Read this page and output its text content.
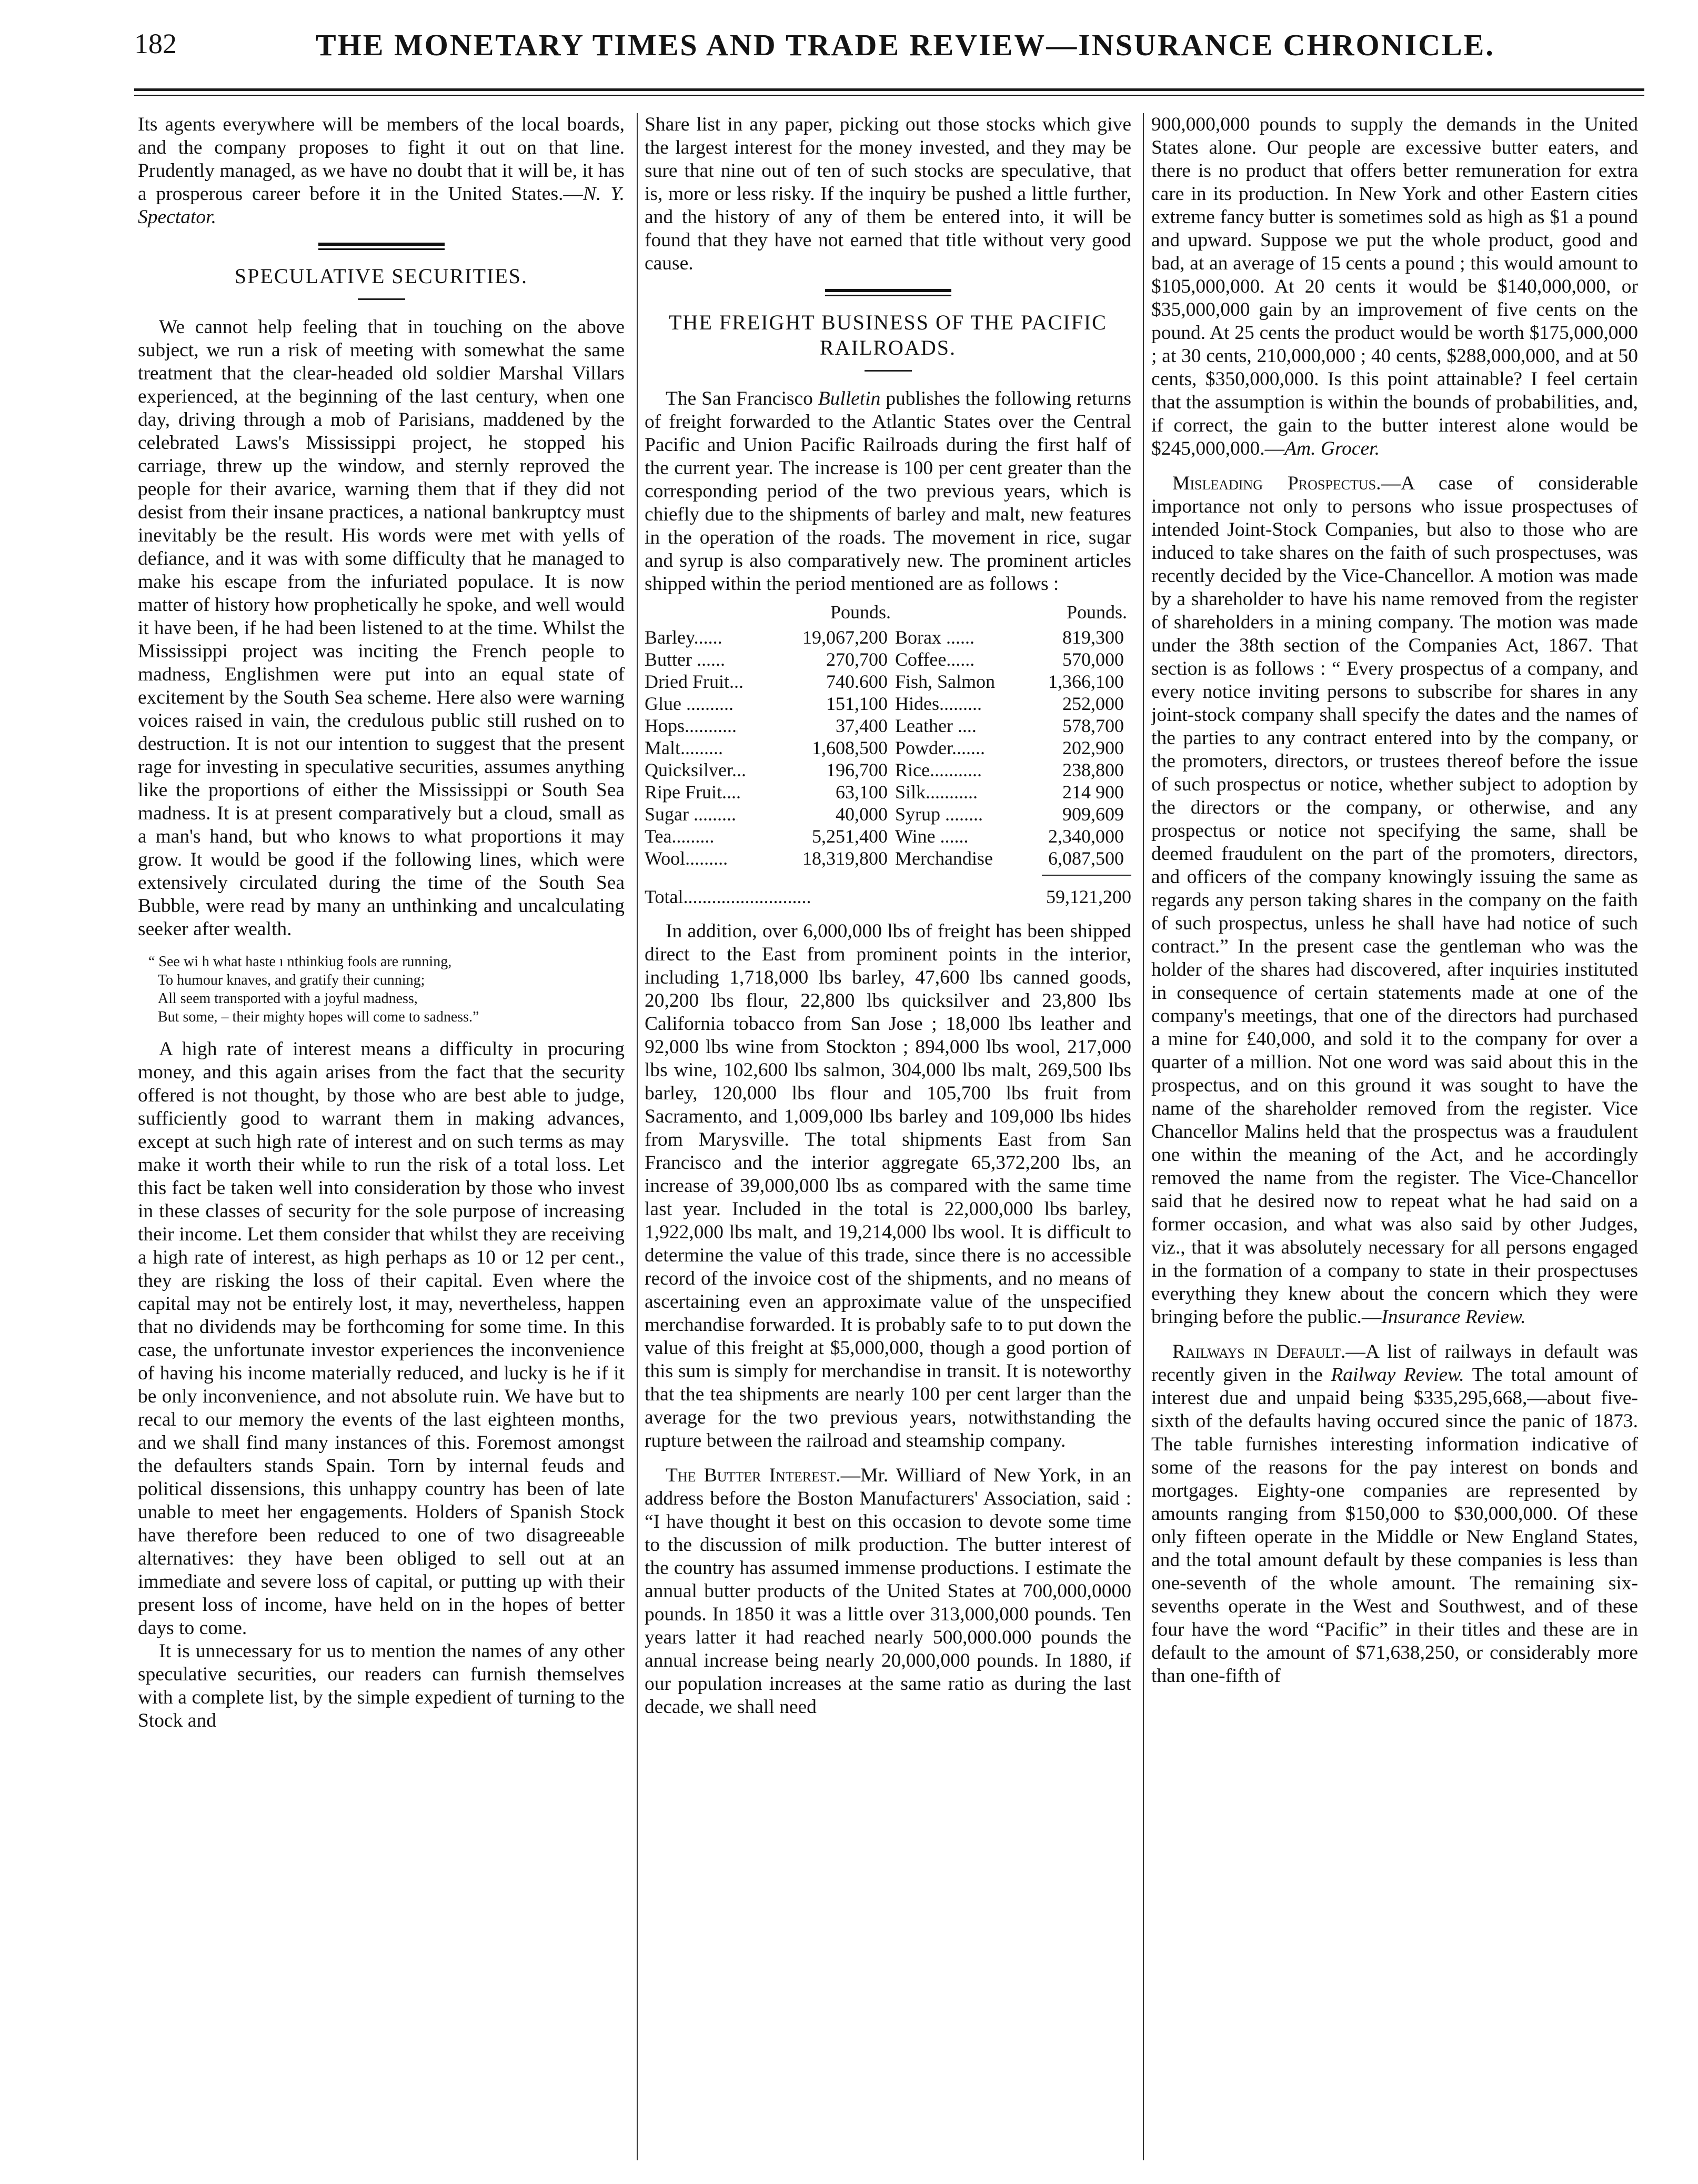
182	THE MONETARY TIMES AND TRADE REVIEW—INSURANCE CHRONICLE.

Its agents everywhere will be members of the local boards, and the company proposes to fight it out on that line. Prudently managed, as we have no doubt that it will be, it has a prosperous career before it in the United States.—N. Y. Spectator.

SPECULATIVE SECURITIES.

We cannot help feeling that in touching on the above subject, we run a risk of meeting with somewhat the same treatment that the clear-headed old soldier Marshal Villars experienced, at the beginning of the last century, when one day, driving through a mob of Parisians, maddened by the celebrated Laws's Mississippi project, he stopped his carriage, threw up the window, and sternly reproved the people for their avarice, warning them that if they did not desist from their insane practices, a national bankruptcy must inevitably be the result. His words were met with yells of defiance, and it was with some difficulty that he managed to make his escape from the infuriated populace. It is now matter of history how prophetically he spoke, and well would it have been, if he had been listened to at the time. Whilst the Mississippi project was inciting the French people to madness, Englishmen were put into an equal state of excitement by the South Sea scheme. Here also were warning voices raised in vain, the credulous public still rushed on to destruction. It is not our intention to suggest that the present rage for investing in speculative securities, assumes anything like the proportions of either the Mississippi or South Sea madness. It is at present comparatively but a cloud, small as a man's hand, but who knows to what proportions it may grow. It would be good if the following lines, which were extensively circulated during the time of the South Sea Bubble, were read by many an unthinking and uncalculating seeker after wealth.

“ See wi h what haste ı nthinkiug fools are running,
To humour knaves, and gratify their cunning;
All seem transported with a joyful madness,
But some, – their mighty hopes will come to sadness.”

A high rate of interest means a difficulty in procuring money, and this again arises from the fact that the security offered is not thought, by those who are best able to judge, sufficiently good to warrant them in making advances, except at such high rate of interest and on such terms as may make it worth their while to run the risk of a total loss. Let this fact be taken well into consideration by those who invest in these classes of security for the sole purpose of increasing their income. Let them consider that whilst they are receiving a high rate of interest, as high perhaps as 10 or 12 per cent., they are risking the loss of their capital. Even where the capital may not be entirely lost, it may, nevertheless, happen that no dividends may be forthcoming for some time. In this case, the unfortunate investor experiences the inconvenience of having his income materially reduced, and lucky is he if it be only inconvenience, and not absolute ruin. We have but to recal to our memory the events of the last eighteen months, and we shall find many instances of this. Foremost amongst the defaulters stands Spain. Torn by internal feuds and political dissensions, this unhappy country has been of late unable to meet her engagements. Holders of Spanish Stock have therefore been reduced to one of two disagreeable alternatives: they have been obliged to sell out at an immediate and severe loss of capital, or putting up with their present loss of income, have held on in the hopes of better days to come.

It is unnecessary for us to mention the names of any other speculative securities, our readers can furnish themselves with a complete list, by the simple expedient of turning to the Stock and

Share list in any paper, picking out those stocks which give the largest interest for the money invested, and they may be sure that nine out of ten of such stocks are speculative, that is, more or less risky. If the inquiry be pushed a little further, and the history of any of them be entered into, it will be found that they have not earned that title without very good cause.

THE FREIGHT BUSINESS OF THE PACIFIC RAILROADS.

The San Francisco Bulletin publishes the following returns of freight forwarded to the Atlantic States over the Central Pacific and Union Pacific Railroads during the first half of the current year. The increase is 100 per cent greater than the corresponding period of the two previous years, which is chiefly due to the shipments of barley and malt, new features in the operation of the roads. The movement in rice, sugar and syrup is also comparatively new. The prominent articles shipped within the period mentioned are as follows :

	Pounds.		Pounds.
Barley......	19,067,200	Borax ......	819,300
Butter ......	270,700	Coffee......	570,000
Dried Fruit...	740.600	Fish, Salmon	1,366,100
Glue ..........	151,100	Hides.........	252,000
Hops...........	37,400	Leather ....	578,700
Malt.........	1,608,500	Powder.......	202,900
Quicksilver...	196,700	Rice...........	238,800
Ripe Fruit....	63,100	Silk...........	214 900
Sugar .........	40,000	Syrup ........	909,609
Tea.........	5,251,400	Wine ......	2,340,000
Wool.........	18,319,800	Merchandise	6,087,500
Total...........................	59,121,200

In addition, over 6,000,000 lbs of freight has been shipped direct to the East from prominent points in the interior, including 1,718,000 lbs barley, 47,600 lbs canned goods, 20,200 lbs flour, 22,800 lbs quicksilver and 23,800 lbs California tobacco from San Jose ; 18,000 lbs leather and 92,000 lbs wine from Stockton ; 894,000 lbs wool, 217,000 lbs wine, 102,600 lbs salmon, 304,000 lbs malt, 269,500 lbs barley, 120,000 lbs flour and 105,700 lbs fruit from Sacramento, and 1,009,000 lbs barley and 109,000 lbs hides from Marysville. The total shipments East from San Francisco and the interior aggregate 65,372,200 lbs, an increase of 39,000,000 lbs as compared with the same time last year. Included in the total is 22,000,000 lbs barley, 1,922,000 lbs malt, and 19,214,000 lbs wool. It is difficult to determine the value of this trade, since there is no accessible record of the invoice cost of the shipments, and no means of ascertaining even an approximate value of the unspecified merchandise forwarded. It is probably safe to to put down the value of this freight at $5,000,000, though a good portion of this sum is simply for merchandise in transit. It is noteworthy that the tea shipments are nearly 100 per cent larger than the average for the two previous years, notwithstanding the rupture between the railroad and steamship company.

The Butter Interest.—Mr. Williard of New York, in an address before the Boston Manufacturers' Association, said : “I have thought it best on this occasion to devote some time to the discussion of milk production. The butter interest of the country has assumed immense productions. I estimate the annual butter products of the United States at 700,000,0000 pounds. In 1850 it was a little over 313,000,000 pounds. Ten years latter it had reached nearly 500,000.000 pounds the annual increase being nearly 20,000,000 pounds. In 1880, if our population increases at the same ratio as during the last decade, we shall need

900,000,000 pounds to supply the demands in the United States alone. Our people are excessive butter eaters, and there is no product that offers better remuneration for extra care in its production. In New York and other Eastern cities extreme fancy butter is sometimes sold as high as $1 a pound and upward. Suppose we put the whole product, good and bad, at an average of 15 cents a pound ; this would amount to $105,000,000. At 20 cents it would be $140,000,000, or $35,000,000 gain by an improvement of five cents on the pound. At 25 cents the product would be worth $175,000,000 ; at 30 cents, 210,000,000 ; 40 cents, $288,000,000, and at 50 cents, $350,000,000. Is this point attainable? I feel certain that the assumption is within the bounds of probabilities, and, if correct, the gain to the butter interest alone would be $245,000,000.—Am. Grocer.

Misleading Prospectus.—A case of considerable importance not only to persons who issue prospectuses of intended Joint-Stock Companies, but also to those who are induced to take shares on the faith of such prospectuses, was recently decided by the Vice-Chancellor. A motion was made by a shareholder to have his name removed from the register of shareholders in a mining company. The motion was made under the 38th section of the Companies Act, 1867. That section is as follows : “ Every prospectus of a company, and every notice inviting persons to subscribe for shares in any joint-stock company shall specify the dates and the names of the parties to any contract entered into by the company, or the promoters, directors, or trustees thereof before the issue of such prospectus or notice, whether subject to adoption by the directors or the company, or otherwise, and any prospectus or notice not specifying the same, shall be deemed fraudulent on the part of the promoters, directors, and officers of the company knowingly issuing the same as regards any person taking shares in the company on the faith of such prospectus, unless he shall have had notice of such contract.” In the present case the gentleman who was the holder of the shares had discovered, after inquiries instituted in consequence of certain statements made at one of the company's meetings, that one of the directors had purchased a mine for £40,000, and sold it to the company for over a quarter of a million. Not one word was said about this in the prospectus, and on this ground it was sought to have the name of the shareholder removed from the register. Vice Chancellor Malins held that the prospectus was a fraudulent one within the meaning of the Act, and he accordingly removed the name from the register. The Vice-Chancellor said that he desired now to repeat what he had said on a former occasion, and what was also said by other Judges, viz., that it was absolutely necessary for all persons engaged in the formation of a company to state in their prospectuses everything they knew about the concern which they were bringing before the public.—Insurance Review.

Railways in Default.—A list of railways in default was recently given in the Railway Review. The total amount of interest due and unpaid being $335,295,668,—about five-sixth of the defaults having occured since the panic of 1873. The table furnishes interesting information indicative of some of the reasons for the pay interest on bonds and mortgages. Eighty-one companies are represented by amounts ranging from $150,000 to $30,000,000. Of these only fifteen operate in the Middle or New England States, and the total amount default by these companies is less than one-seventh of the whole amount. The remaining six-sevenths operate in the West and Southwest, and of these four have the word “Pacific” in their titles and these are in default to the amount of $71,638,250, or considerably more than one-fifth of
